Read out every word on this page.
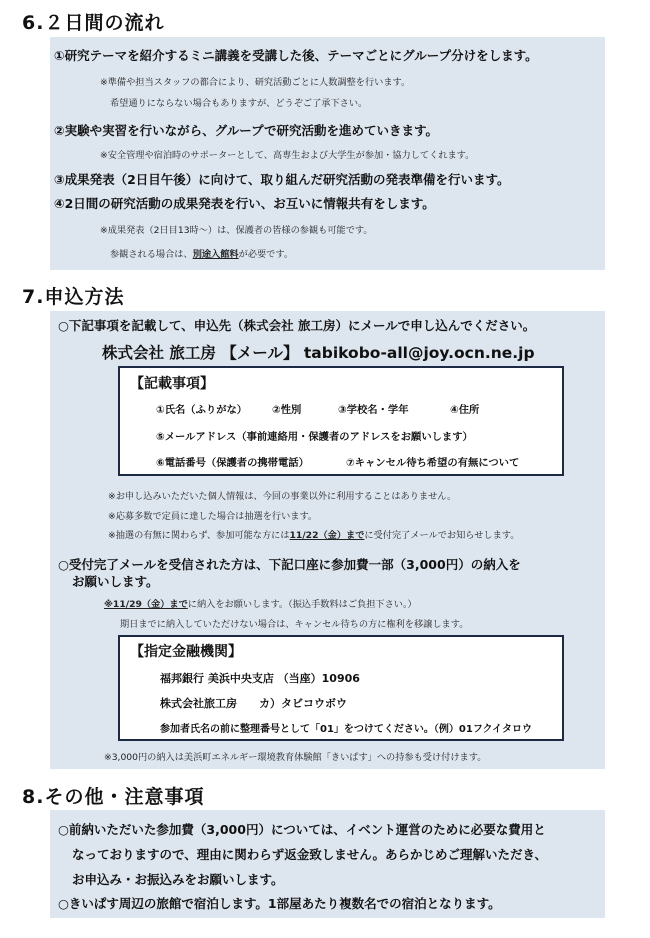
6.２日間の流れ
①研究テーマを紹介するミニ講義を受講した後、テーマごとにグループ分けをします。
※準備や担当スタッフの都合により、研究活動ごとに人数調整を行います。
希望通りにならない場合もありますが、どうぞご了承下さい。
②実験や実習を行いながら、グループで研究活動を進めていきます。
※安全管理や宿泊時のサポーターとして、高専生および大学生が参加・協力してくれます。
③成果発表（2日目午後）に向けて、取り組んだ研究活動の発表準備を行います。
④2日間の研究活動の成果発表を行い、お互いに情報共有をします。
※成果発表（2日目13時～）は、保護者の皆様の参観も可能です。
参観される場合は、別途入館料が必要です。
7.申込方法
○下記事項を記載して、申込先（株式会社 旅工房）にメールで申し込んでください。
株式会社 旅工房 【メール】 tabikobo-all@joy.ocn.ne.jp
【記載事項】
①氏名（ふりがな） ②性別	③学校名・学年	④住所
⑤メールアドレス（事前連絡用・保護者のアドレスをお願いします）
⑥電話番号（保護者の携帯電話）	⑦キャンセル待ち希望の有無について
※お申し込みいただいた個人情報は、今回の事業以外に利用することはありません。
※応募多数で定員に達した場合は抽選を行います。
※抽選の有無に関わらず、参加可能な方には11/22（金）までに受付完了メールでお知らせします。
○受付完了メールを受信された方は、下記口座に参加費一部（3,000円）の納入を
お願いします。
※11/29（金）までに納入をお願いします。（振込手数料はご負担下さい。）
期日までに納入していただけない場合は、キャンセル待ちの方に権利を移譲します。
【指定金融機関】
福邦銀行 美浜中央支店 （当座）10906
株式会社旅工房　　カ）タビコウボウ
参加者氏名の前に整理番号として「01」をつけてください。（例）01フクイタロウ
※3,000円の納入は美浜町エネルギー環境教育体験館「きいぱす」への持参も受け付けます。
8.その他・注意事項
○前納いただいた参加費（3,000円）については、イベント運営のために必要な費用と
なっておりますので、理由に関わらず返金致しません。あらかじめご理解いただき、
お申込み・お振込みをお願いします。
○きいぱす周辺の旅館で宿泊します。1部屋あたり複数名での宿泊となります。
